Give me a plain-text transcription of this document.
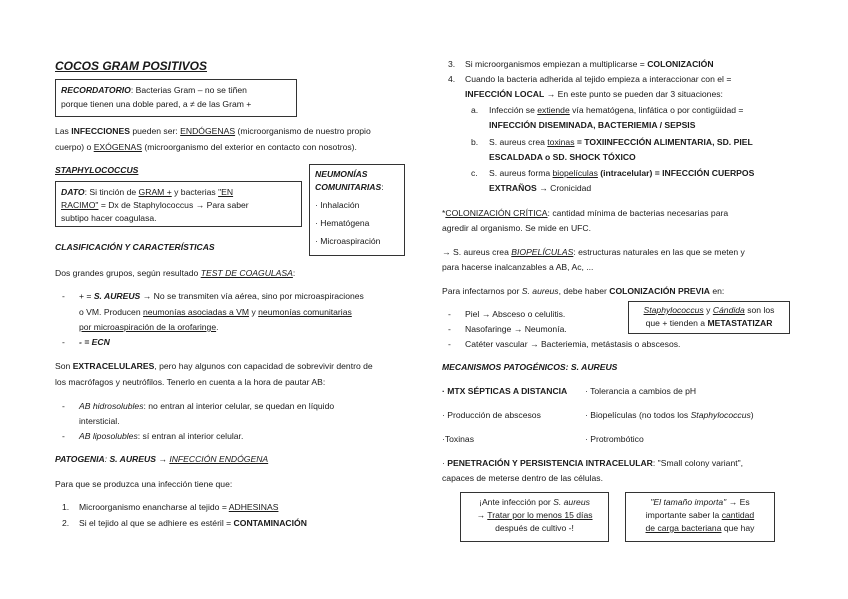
COCOS GRAM POSITIVOS
RECORDATORIO: Bacterias Gram – no se tiñen
porque tienen una doble pared, a ≠ de las Gram +
Las INFECCIONES pueden ser: ENDÓGENAS (microorganismo de nuestro propio
cuerpo) o EXÓGENAS (microorganismo del exterior en contacto con nosotros).
STAPHYLOCOCCUS
DATO: Si tinción de GRAM + y bacterias "EN
RACIMO" = Dx de Staphylococcus → Para saber
subtipo hacer coagulasa.
NEUMONÍAS
COMUNITARIAS:
· Inhalación
· Hematógena
· Microaspiración
CLASIFICACIÓN Y CARACTERÍSTICAS
Dos grandes grupos, según resultado TEST DE COAGULASA:
- + = S. AUREUS → No se transmiten vía aérea, sino por microaspiraciones
o VM. Producen neumonías asociadas a VM y neumonías comunitarias
por microaspiración de la orofaringe.
- - = ECN
Son EXTRACELULARES, pero hay algunos con capacidad de sobrevivir dentro de
los macrófagos y neutrófilos. Tenerlo en cuenta a la hora de pautar AB:
- AB hidrosolubles: no entran al interior celular, se quedan en líquido
intersticial.
- AB liposolubles: sí entran al interior celular.
PATOGENIA: S. AUREUS → INFECCIÓN ENDÓGENA
Para que se produzca una infección tiene que:
1. Microorganismo enancharse al tejido = ADHESINAS
2. Si el tejido al que se adhiere es estéril = CONTAMINACIÓN
3. Si microorganismos empiezan a multiplicarse = COLONIZACIÓN
4. Cuando la bacteria adherida al tejido empieza a interaccionar con el =
INFECCIÓN LOCAL → En este punto se pueden dar 3 situaciones:
a. Infección se extiende vía hematógena, linfática o por contigüidad =
INFECCIÓN DISEMINADA, BACTERIEMIA / SEPSIS
b. S. aureus crea toxinas = TOXIINFECCIÓN ALIMENTARIA, SD. PIEL
ESCALDADA o SD. SHOCK TÓXICO
c. S. aureus forma biopelículas (intracelular) = INFECCIÓN CUERPOS
EXTRAÑOS → Cronicidad
*COLONIZACIÓN CRÍTICA: cantidad mínima de bacterias necesarias para
agredir al organismo. Se mide en UFC.
→ S. aureus crea BIOPELÍCULAS: estructuras naturales en las que se meten y
para hacerse inalcanzables a AB, Ac, ...
Para infectarnos por S. aureus, debe haber COLONIZACIÓN PREVIA en:
- Piel → Absceso o celulitis.
- Nasofaringe → Neumonía.
- Catéter vascular → Bacteriemia, metástasis o abscesos.
Staphylococcus y Cándida son los
que + tienden a METASTATIZAR
MECANISMOS PATOGÉNICOS: S. AUREUS
· MTX SÉPTICAS A DISTANCIA
· Producción de abscesos
·Toxinas
· Tolerancia a cambios de pH
· Biopelículas (no todos los Staphylococcus)
· Protrombótico
· PENETRACIÓN Y PERSISTENCIA INTRACELULAR: "Small colony variant",
capaces de meterse dentro de las células.
¡Ante infección por S. aureus
→ Tratar por lo menos 15 días
después de cultivo -!
"El tamaño importa" → Es
importante saber la cantidad
de carga bacteriana que hay
